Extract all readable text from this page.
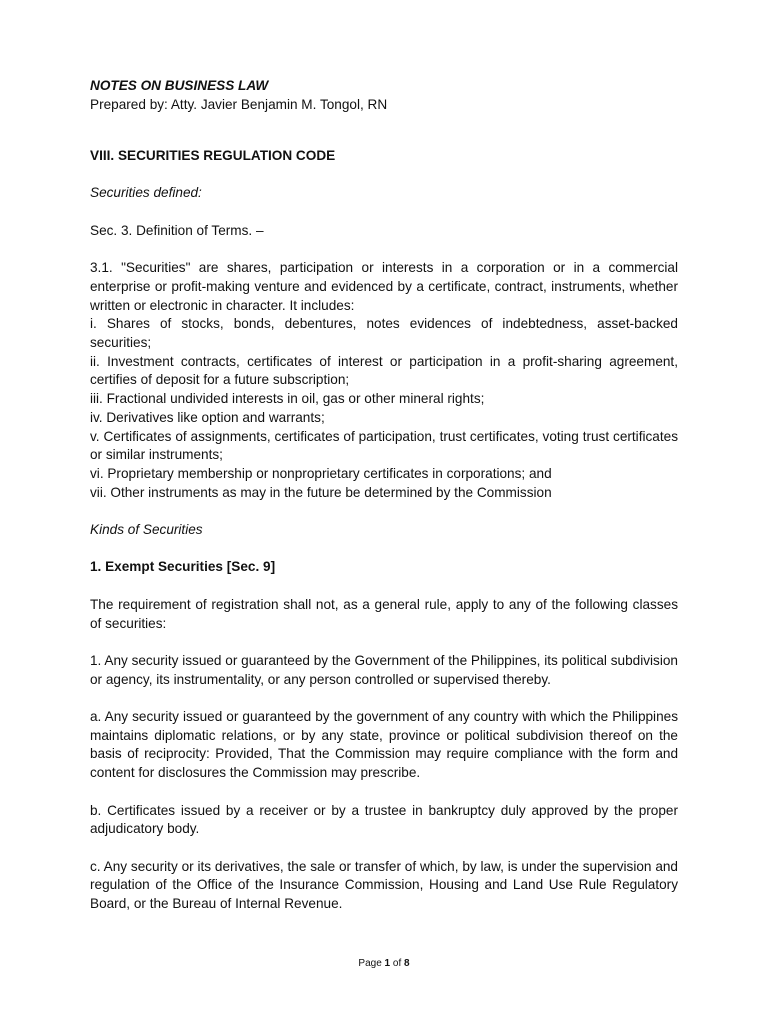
NOTES ON BUSINESS LAW

Prepared by: Atty. Javier Benjamin M. Tongol, RN

VIII. SECURITIES REGULATION CODE

Securities defined:

Sec. 3. Definition of Terms. –

3.1. "Securities" are shares, participation or interests in a corporation or in a commercial enterprise or profit-making venture and evidenced by a certificate, contract, instruments, whether written or electronic in character. It includes:

i. Shares of stocks, bonds, debentures, notes evidences of indebtedness, asset-backed securities;

ii. Investment contracts, certificates of interest or participation in a profit-sharing agreement, certifies of deposit for a future subscription;

iii. Fractional undivided interests in oil, gas or other mineral rights;

iv. Derivatives like option and warrants;

v. Certificates of assignments, certificates of participation, trust certificates, voting trust certificates or similar instruments;

vi. Proprietary membership or nonproprietary certificates in corporations; and

vii. Other instruments as may in the future be determined by the Commission

Kinds of Securities

1. Exempt Securities [Sec. 9]

The requirement of registration shall not, as a general rule, apply to any of the following classes of securities:

1. Any security issued or guaranteed by the Government of the Philippines, its political subdivision or agency, its instrumentality, or any person controlled or supervised thereby.

a. Any security issued or guaranteed by the government of any country with which the Philippines maintains diplomatic relations, or by any state, province or political subdivision thereof on the basis of reciprocity: Provided, That the Commission may require compliance with the form and content for disclosures the Commission may prescribe.

b. Certificates issued by a receiver or by a trustee in bankruptcy duly approved by the proper adjudicatory body.

c. Any security or its derivatives, the sale or transfer of which, by law, is under the supervision and regulation of the Office of the Insurance Commission, Housing and Land Use Rule Regulatory Board, or the Bureau of Internal Revenue.

Page 1 of 8
